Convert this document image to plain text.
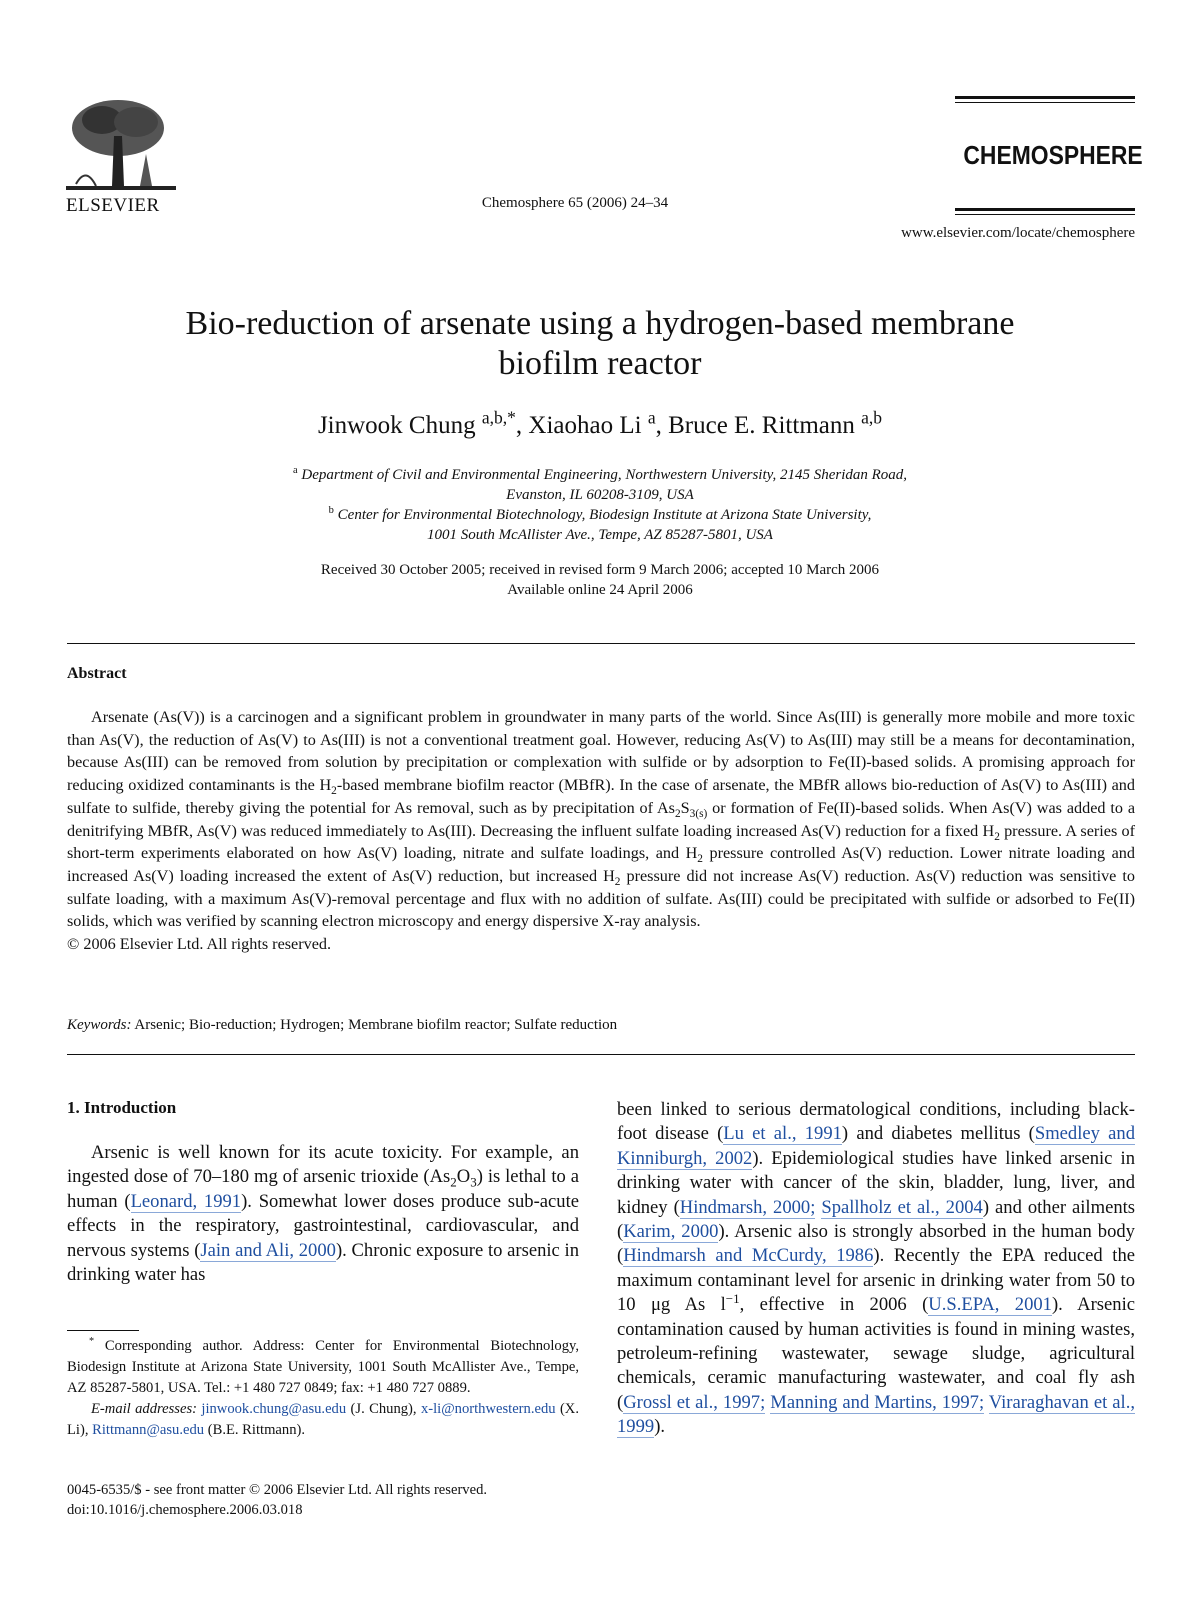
ELSEVIER	Chemosphere 65 (2006) 24–34
CHEMOSPHERE
www.elsevier.com/locate/chemosphere
Bio-reduction of arsenate using a hydrogen-based membrane
biofilm reactor
Jinwook Chung $^{a,b,*}$, Xiaohao Li $^a$, Bruce E. Rittmann $^{a,b}$
$^a$ Department of Civil and Environmental Engineering, Northwestern University, 2145 Sheridan Road,
Evanston, IL 60208-3109, USA
$^b$ Center for Environmental Biotechnology, Biodesign Institute at Arizona State University,
1001 South McAllister Ave., Tempe, AZ 85287-5801, USA
Received 30 October 2005; received in revised form 9 March 2006; accepted 10 March 2006
Available online 24 April 2006
Abstract
Arsenate (As(V)) is a carcinogen and a significant problem in groundwater in many parts of the world. Since As(III) is generally more mobile and more toxic than As(V), the reduction of As(V) to As(III) is not a conventional treatment goal. However, reducing As(V) to As(III) may still be a means for decontamination, because As(III) can be removed from solution by precipitation or complexation with sulfide or by adsorption to Fe(II)-based solids. A promising approach for reducing oxidized contaminants is the $H_2$-based membrane biofilm reactor (MBfR). In the case of arsenate, the MBfR allows bio-reduction of As(V) to As(III) and sulfate to sulfide, thereby giving the potential for As removal, such as by precipitation of $As_2S_{3(s)}$ or formation of Fe(II)-based solids. When As(V) was added to a denitrifying MBfR, As(V) was reduced immediately to As(III). Decreasing the influent sulfate loading increased As(V) reduction for a fixed $H_2$ pressure. A series of short-term experiments elaborated on how As(V) loading, nitrate and sulfate loadings, and $H_2$ pressure controlled As(V) reduction. Lower nitrate loading and increased As(V) loading increased the extent of As(V) reduction, but increased $H_2$ pressure did not increase As(V) reduction. As(V) reduction was sensitive to sulfate loading, with a maximum As(V)-removal percentage and flux with no addition of sulfate. As(III) could be precipitated with sulfide or adsorbed to Fe(II) solids, which was verified by scanning electron microscopy and energy dispersive X-ray analysis.
© 2006 Elsevier Ltd. All rights reserved.
Keywords: Arsenic; Bio-reduction; Hydrogen; Membrane biofilm reactor; Sulfate reduction
1. Introduction
Arsenic is well known for its acute toxicity. For example, an ingested dose of 70–180 mg of arsenic trioxide $(As_2O_3)$ is lethal to a human (Leonard, 1991). Somewhat lower doses produce sub-acute effects in the respiratory, gastrointestinal, cardiovascular, and nervous systems (Jain and Ali, 2000). Chronic exposure to arsenic in drinking water has
* Corresponding author. Address: Center for Environmental Biotechnology, Biodesign Institute at Arizona State University, 1001 South McAllister Ave., Tempe, AZ 85287-5801, USA. Tel.: +1 480 727 0849; fax: +1 480 727 0889.
E-mail addresses: jinwook.chung@asu.edu (J. Chung), x-li@northwestern.edu (X. Li), Rittmann@asu.edu (B.E. Rittmann).
0045-6535/$ - see front matter © 2006 Elsevier Ltd. All rights reserved.
doi:10.1016/j.chemosphere.2006.03.018
been linked to serious dermatological conditions, including black-foot disease (Lu et al., 1991) and diabetes mellitus (Smedley and Kinniburgh, 2002). Epidemiological studies have linked arsenic in drinking water with cancer of the skin, bladder, lung, liver, and kidney (Hindmarsh, 2000; Spallholz et al., 2004) and other ailments (Karim, 2000). Arsenic also is strongly absorbed in the human body (Hindmarsh and McCurdy, 1986). Recently the EPA reduced the maximum contaminant level for arsenic in drinking water from 50 to 10 μg As $l^{-1}$, effective in 2006 (U.S.EPA, 2001). Arsenic contamination caused by human activities is found in mining wastes, petroleum-refining wastewater, sewage sludge, agricultural chemicals, ceramic manufacturing wastewater, and coal fly ash (Grossl et al., 1997; Manning and Martins, 1997; Viraraghavan et al., 1999).
